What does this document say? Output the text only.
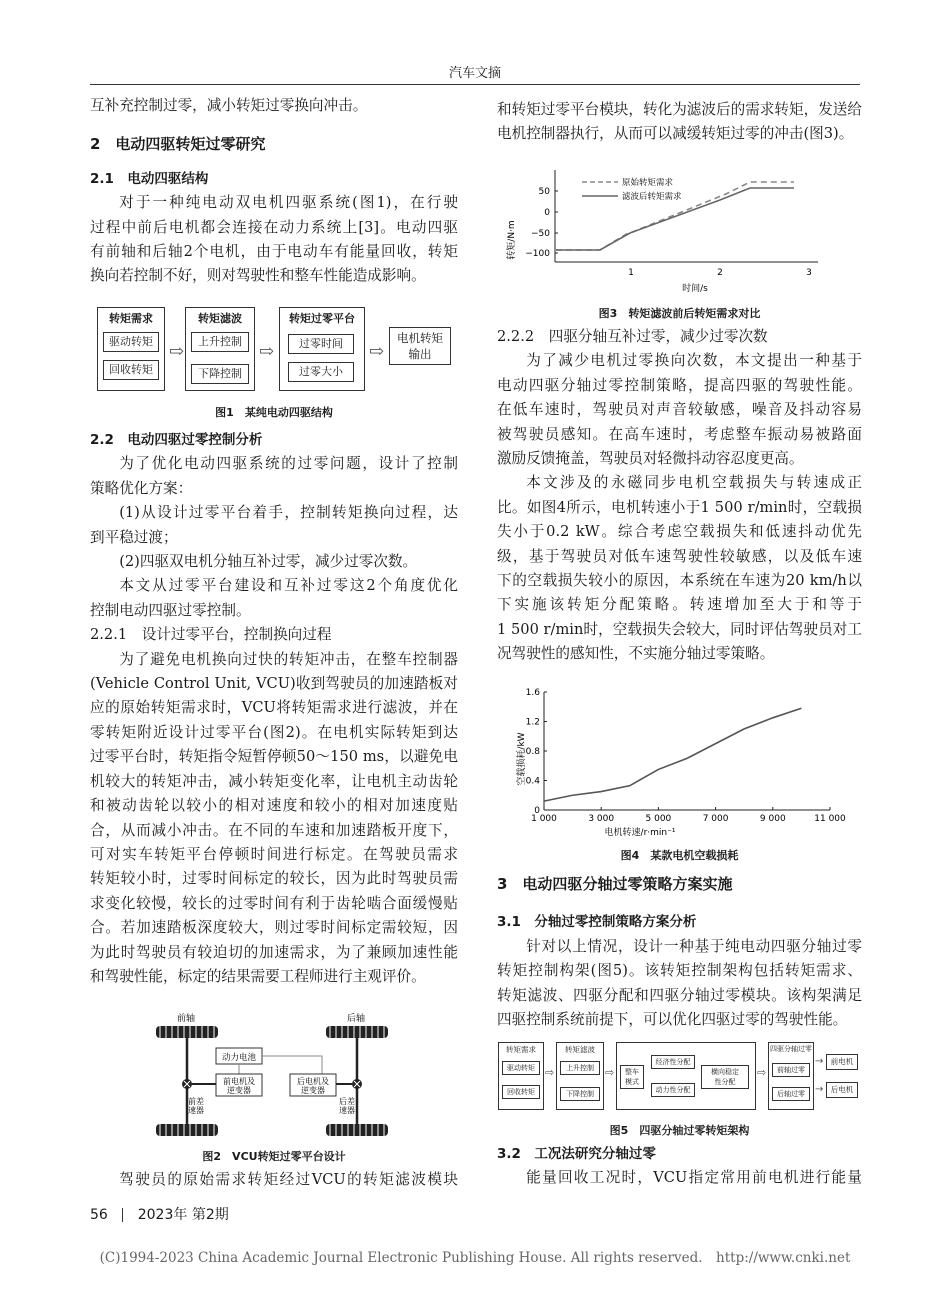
汽车文摘

互补充控制过零，减小转矩过零换向冲击。

2　电动四驱转矩过零研究

2.1　电动四驱结构

对于一种纯电动双电机四驱系统(图1)，在行驶

过程中前后电机都会连接在动力系统上[3]。电动四驱

有前轴和后轴2个电机，由于电动车有能量回收，转矩

换向若控制不好，则对驾驶性和整车性能造成影响。

转矩需求
驱动转矩
回收转矩
⇨
转矩滤波
上升控制
下降控制
⇨
转矩过零平台
过零时间
过零大小
⇨
电机转矩
输出
图1　某纯电动四驱结构

2.2　电动四驱过零控制分析

为了优化电动四驱系统的过零问题，设计了控制

策略优化方案：

(1)从设计过零平台着手，控制转矩换向过程，达

到平稳过渡；

(2)四驱双电机分轴互补过零，减少过零次数。

本文从过零平台建设和互补过零这2个角度优化

控制电动四驱过零控制。

2.2.1　设计过零平台，控制换向过程

为了避免电机换向过快的转矩冲击，在整车控制器

(Vehicle Control Unit, VCU)收到驾驶员的加速踏板对

应的原始转矩需求时，VCU将转矩需求进行滤波，并在

零转矩附近设计过零平台(图2)。在电机实际转矩到达

过零平台时，转矩指令短暂停顿50～150 ms，以避免电

机较大的转矩冲击，减小转矩变化率，让电机主动齿轮

和被动齿轮以较小的相对速度和较小的相对加速度贴

合，从而减小冲击。在不同的车速和加速踏板开度下，

可对实车转矩平台停顿时间进行标定。在驾驶员需求

转矩较小时，过零时间标定的较长，因为此时驾驶员需

求变化较慢，较长的过零时间有利于齿轮啮合面缓慢贴

合。若加速踏板深度较大，则过零时间标定需较短，因

为此时驾驶员有较迫切的加速需求，为了兼顾加速性能

和驾驶性能，标定的结果需要工程师进行主观评价。

前轴	后轴
动力电池
前电机及
逆变器
后电机及
逆变器
前差
速器
后差
速器
图2　VCU转矩过零平台设计

驾驶员的原始需求转矩经过VCU的转矩滤波模块

和转矩过零平台模块，转化为滤波后的需求转矩，发送给

电机控制器执行，从而可以减缓转矩过零的冲击(图3)。

转矩/N·m
50
0
−50
−100
1	2	3
时间/s
原始转矩需求
滤波后转矩需求
图3　转矩滤波前后转矩需求对比

2.2.2　四驱分轴互补过零，减少过零次数

为了减少电机过零换向次数，本文提出一种基于

电动四驱分轴过零控制策略，提高四驱的驾驶性能。

在低车速时，驾驶员对声音较敏感，噪音及抖动容易

被驾驶员感知。在高车速时，考虑整车振动易被路面

激励反馈掩盖，驾驶员对轻微抖动容忍度更高。

本文涉及的永磁同步电机空载损失与转速成正

比。如图4所示，电机转速小于1 500 r/min时，空载损

失小于0.2 kW。综合考虑空载损失和低速抖动优先

级，基于驾驶员对低车速驾驶性较敏感，以及低车速

下的空载损失较小的原因，本系统在车速为20 km/h以

下实施该转矩分配策略。转速增加至大于和等于

1 500 r/min时，空载损失会较大，同时评估驾驶员对工

况驾驶性的感知性，不实施分轴过零策略。

空载损耗/kW
电机转速/r·min⁻¹
1.6
1.2
0.8
0.4
0
1 000	3 000	5 000	7 000	9 000	11 000
图4　某款电机空载损耗

3　电动四驱分轴过零策略方案实施

3.1　分轴过零控制策略方案分析

针对以上情况，设计一种基于纯电动四驱分轴过零

转矩控制构架(图5)。该转矩控制架构包括转矩需求、

转矩滤波、四驱分配和四驱分轴过零模块。该构架满足

四驱控制系统前提下，可以优化四驱过零的驾驶性能。

转矩需求
驱动转矩
回收转矩
⇨
转矩滤波
上升控制
下降控制
⇨	整车
模式
经济性分配
动力性分配
横向稳定
性分配
⇨
四驱分轴过零
前轴过零
后轴过零
→
→
前电机
后电机
图5　四驱分轴过零转矩架构

3.2　工况法研究分轴过零

能量回收工况时，VCU指定常用前电机进行能量

56 2023年 第2期
(C)1994-2023 China Academic Journal Electronic Publishing House. All rights reserved.　http://www.cnki.net
